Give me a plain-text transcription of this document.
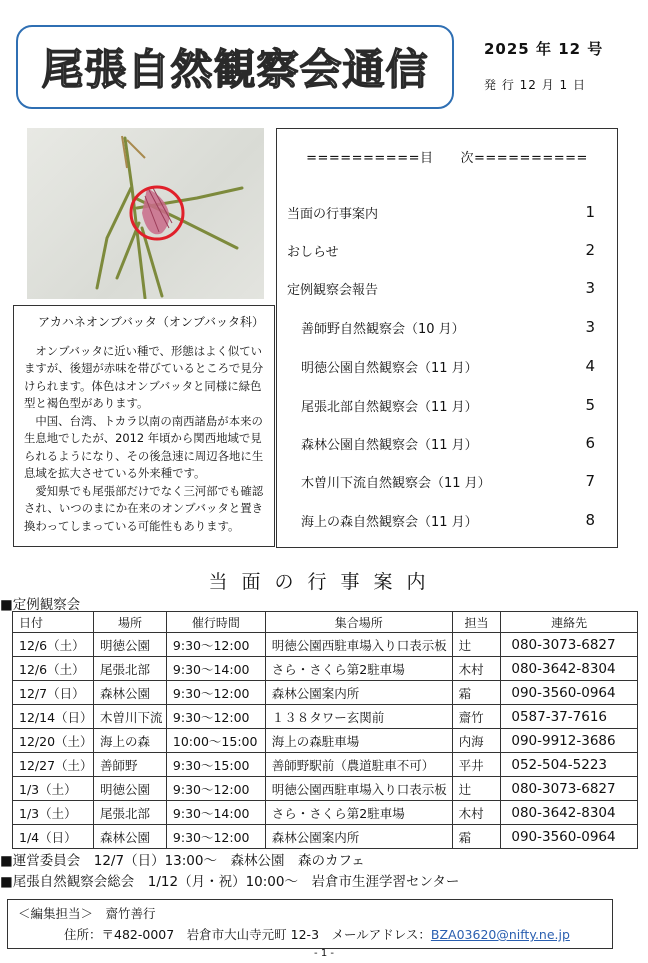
尾張自然観察会通信	2025 年 12 号
発 行 12 月 1 日
アカハネオンブバッタ（オンブバッタ科）

オンブバッタに近い種で、形態はよく似ていますが、後翅が赤味を帯びているところで見分けられます。体色はオンブバッタと同様に緑色型と褐色型があります。

中国、台湾、トカラ以南の南西諸島が本来の生息地でしたが、2012 年頃から関西地域で見られるようになり、その後急速に周辺各地に生息域を拡大させている外来種です。

愛知県でも尾張部だけでなく三河部でも確認され、いつのまにか在来のオンブバッタと置き換わってしまっている可能性もあります。

==========目　　次==========
当面の行事案内	1
おしらせ	2
定例観察会報告	3
善師野自然観察会（10 月）	3
明徳公園自然観察会（11 月）	4
尾張北部自然観察会（11 月）	5
森林公園自然観察会（11 月）	6
木曽川下流自然観察会（11 月）	7
海上の森自然観察会（11 月）	8
当面の行事案内
■定例観察会
日付	場所	催行時間	集合場所	担当	連絡先
12/6（土）	明徳公園	9:30〜12:00	明徳公園西駐車場入り口表示板	辻	080-3073-6827
12/6（土）	尾張北部	9:30〜14:00	さら・さくら第2駐車場	木村	080-3642-8304
12/7（日）	森林公園	9:30〜12:00	森林公園案内所	霜	090-3560-0964
12/14（日）	木曽川下流	9:30〜12:00	１３８タワー玄関前	齋竹	0587-37-7616
12/20（土）	海上の森	10:00〜15:00	海上の森駐車場	内海	090-9912-3686
12/27（土）	善師野	9:30〜15:00	善師野駅前（農道駐車不可）	平井	052-504-5223
1/3（土）	明徳公園	9:30〜12:00	明徳公園西駐車場入り口表示板	辻	080-3073-6827
1/3（土）	尾張北部	9:30〜14:00	さら・さくら第2駐車場	木村	080-3642-8304
1/4（日）	森林公園	9:30〜12:00	森林公園案内所	霜	090-3560-0964
■運営委員会　12/7（日）13:00〜　森林公園　森のカフェ
■尾張自然観察会総会　1/12（月・祝）10:00〜　岩倉市生涯学習センター
＜編集担当＞　齋竹善行
住所：〒482-0007　岩倉市大山寺元町 12-3　メールアドレス：BZA03620@nifty.ne.jp
- 1 -
